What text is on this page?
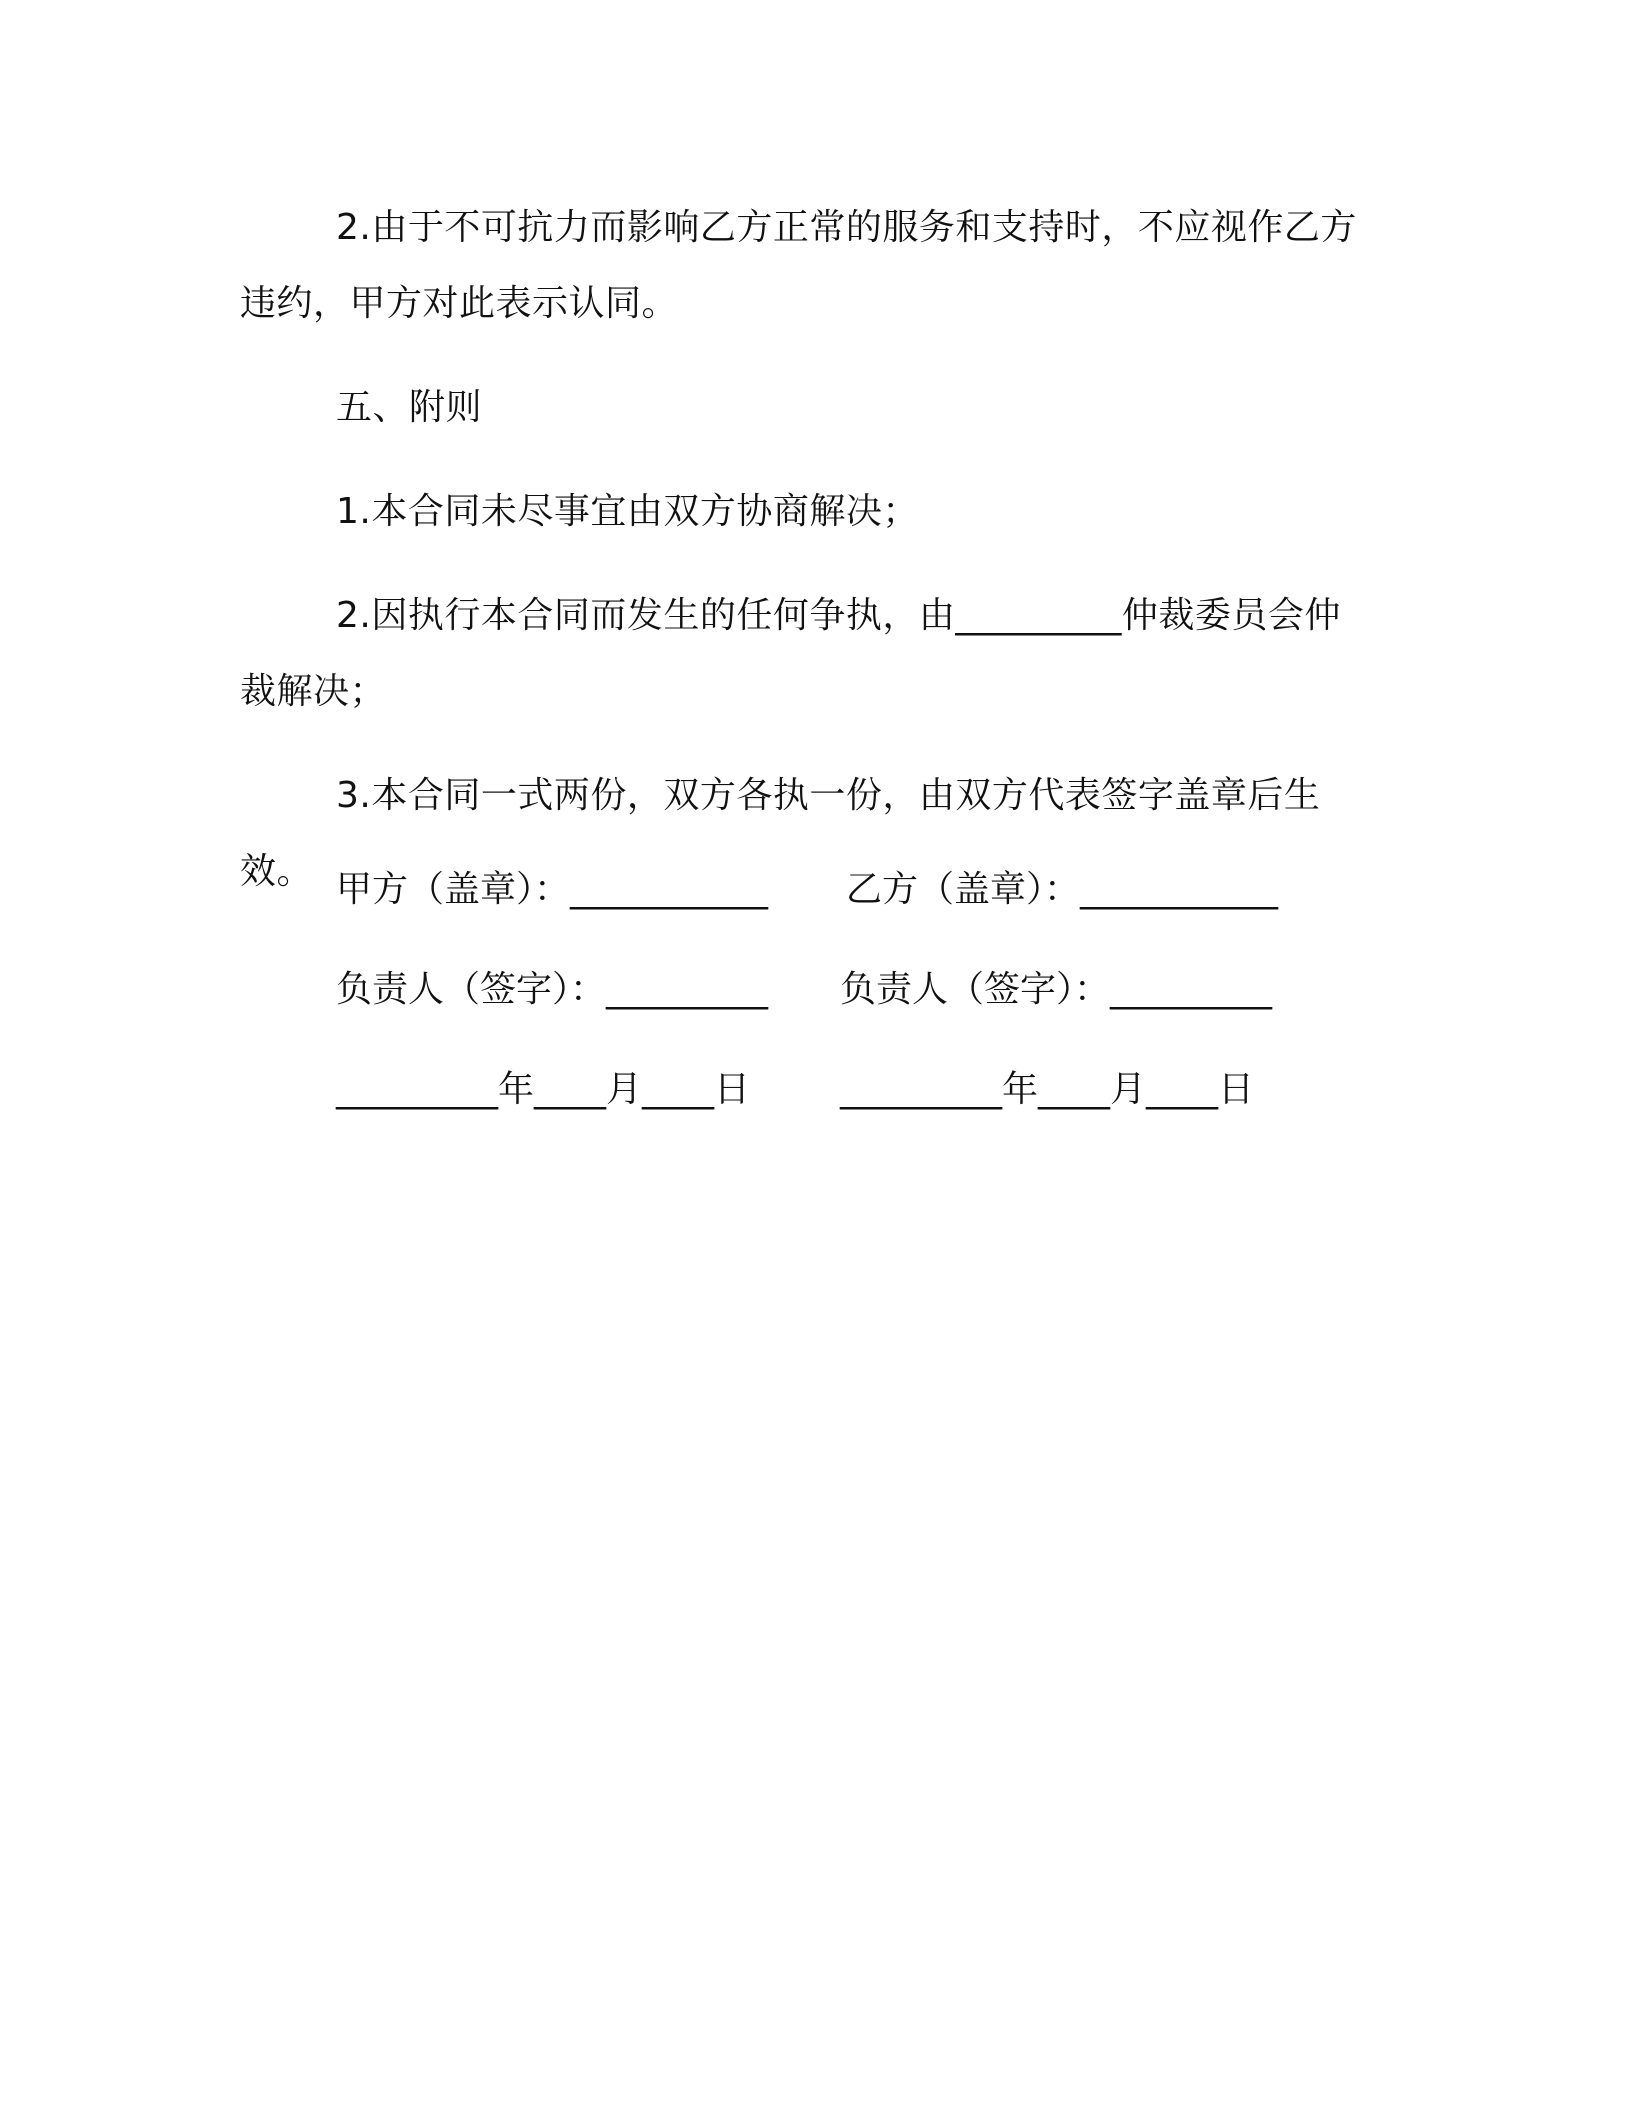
2.由于不可抗力而影响乙方正常的服务和支持时，不应视作乙方违约，甲方对此表示认同。

五、附则

1.本合同未尽事宜由双方协商解决；

2.因执行本合同而发生的任何争执，由_________仲裁委员会仲裁解决；

3.本合同一式两份，双方各执一份，由双方代表签字盖章后生效。 甲方（盖章）：___________ 乙方（盖章）：___________
负责人（签字）：_________ 负责人（签字）：_________
_________年____月____日	_________年____月____日
